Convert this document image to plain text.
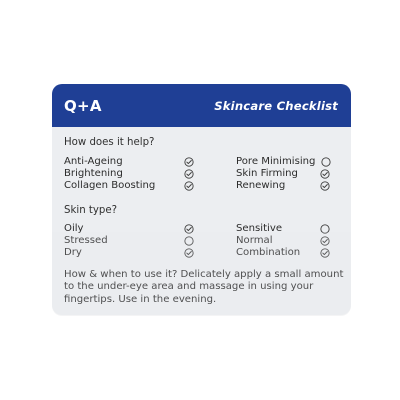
Q+A	Skincare Checklist
How does it help?
Anti-Ageing
Brightening
Collagen Boosting
Pore Minimising
Skin Firming
Renewing
Skin type?
Oily
Stressed
Dry
Sensitive
Normal
Combination
How & when to use it? Delicately apply a small amount to the under-eye area and massage in using your fingertips. Use in the evening.
